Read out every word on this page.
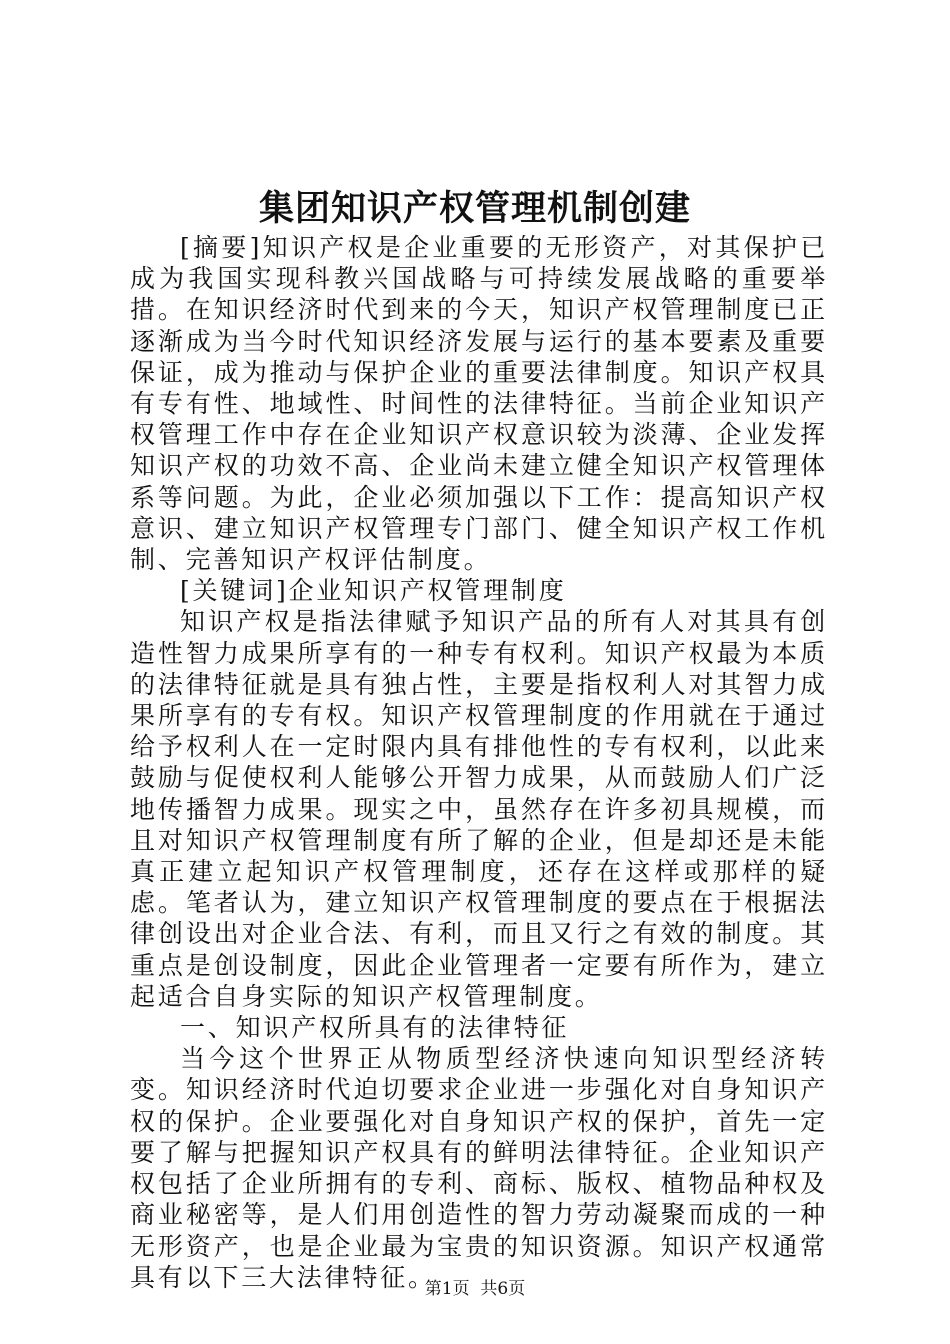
集团知识产权管理机制创建

[摘要]知识产权是企业重要的无形资产，对其保护已成为我国实现科教兴国战略与可持续发展战略的重要举措。在知识经济时代到来的今天，知识产权管理制度已正逐渐成为当今时代知识经济发展与运行的基本要素及重要保证，成为推动与保护企业的重要法律制度。知识产权具有专有性、地域性、时间性的法律特征。当前企业知识产权管理工作中存在企业知识产权意识较为淡薄、企业发挥知识产权的功效不高、企业尚未建立健全知识产权管理体系等问题。为此，企业必须加强以下工作：提高知识产权意识、建立知识产权管理专门部门、健全知识产权工作机制、完善知识产权评估制度。

[关键词]企业知识产权管理制度

知识产权是指法律赋予知识产品的所有人对其具有创造性智力成果所享有的一种专有权利。知识产权最为本质的法律特征就是具有独占性，主要是指权利人对其智力成果所享有的专有权。知识产权管理制度的作用就在于通过给予权利人在一定时限内具有排他性的专有权利，以此来鼓励与促使权利人能够公开智力成果，从而鼓励人们广泛地传播智力成果。现实之中，虽然存在许多初具规模，而且对知识产权管理制度有所了解的企业，但是却还是未能真正建立起知识产权管理制度，还存在这样或那样的疑虑。笔者认为，建立知识产权管理制度的要点在于根据法律创设出对企业合法、有利，而且又行之有效的制度。其重点是创设制度，因此企业管理者一定要有所作为，建立起适合自身实际的知识产权管理制度。

一、知识产权所具有的法律特征

当今这个世界正从物质型经济快速向知识型经济转变。知识经济时代迫切要求企业进一步强化对自身知识产权的保护。企业要强化对自身知识产权的保护，首先一定要了解与把握知识产权具有的鲜明法律特征。企业知识产权包括了企业所拥有的专利、商标、版权、植物品种权及商业秘密等，是人们用创造性的智力劳动凝聚而成的一种无形资产，也是企业最为宝贵的知识资源。知识产权通常具有以下三大法律特征。

第1页 共6页
